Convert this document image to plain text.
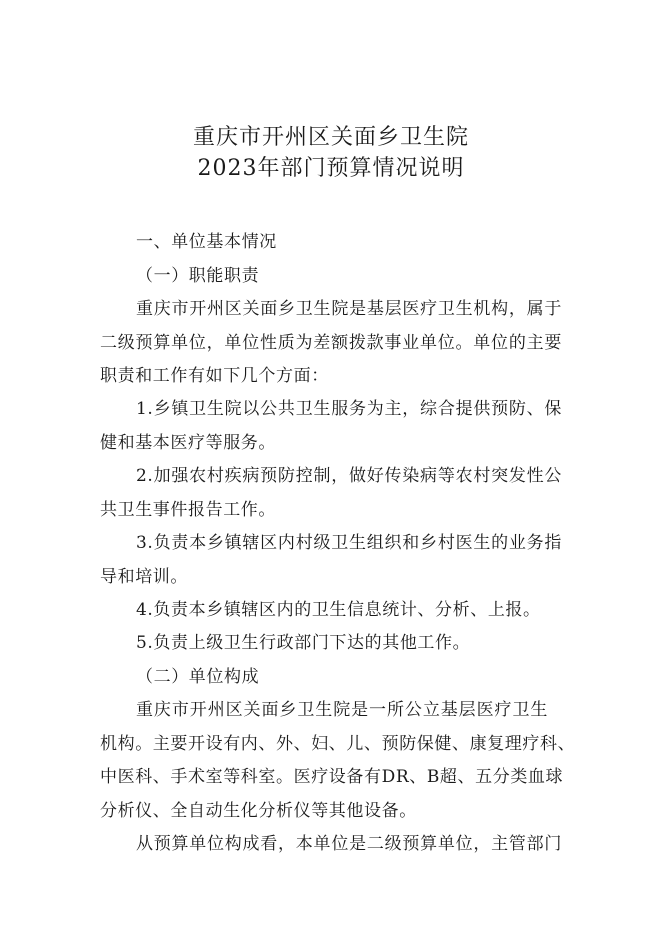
重庆市开州区关面乡卫生院
2023年部门预算情况说明
一、单位基本情况
（一）职能职责
重庆市开州区关面乡卫生院是基层医疗卫生机构，属于
二级预算单位，单位性质为差额拨款事业单位。单位的主要
职责和工作有如下几个方面：
1.乡镇卫生院以公共卫生服务为主，综合提供预防、保
健和基本医疗等服务。
2.加强农村疾病预防控制，做好传染病等农村突发性公
共卫生事件报告工作。
3.负责本乡镇辖区内村级卫生组织和乡村医生的业务指
导和培训。
4.负责本乡镇辖区内的卫生信息统计、分析、上报。
5.负责上级卫生行政部门下达的其他工作。
（二）单位构成
重庆市开州区关面乡卫生院是一所公立基层医疗卫生
机构。主要开设有内、外、妇、儿、预防保健、康复理疗科、
中医科、手术室等科室。医疗设备有DR、B超、五分类血球
分析仪、全自动生化分析仪等其他设备。
从预算单位构成看，本单位是二级预算单位，主管部门
